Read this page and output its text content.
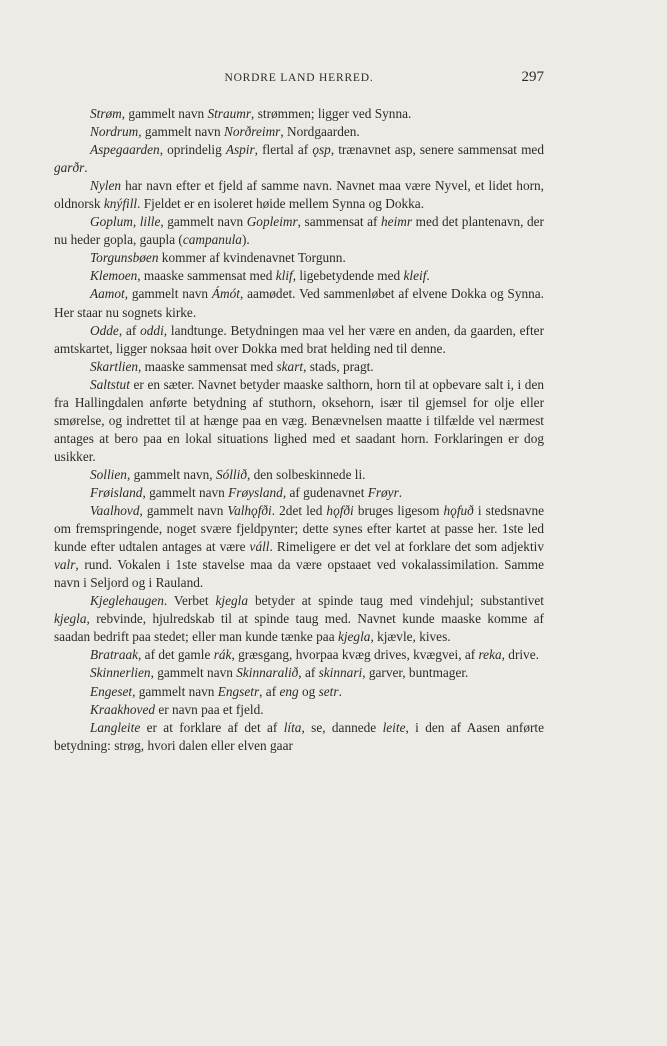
NORDRE LAND HERRED.	297

Strøm, gammelt navn Straumr, strømmen; ligger ved Synna.

Nordrum, gammelt navn Norðreimr, Nordgaarden.

Aspegaarden, oprindelig Aspir, flertal af ǫsp, trænavnet asp, senere sammensat med garðr.

Nylen har navn efter et fjeld af samme navn. Navnet maa være Nyvel, et lidet horn, oldnorsk knýfill. Fjeldet er en isoleret høide mellem Synna og Dokka.

Goplum, lille, gammelt navn Gopleimr, sammensat af heimr med det plantenavn, der nu heder gopla, gaupla (campanula).

Torgunsbøen kommer af kvindenavnet Torgunn.

Klemoen, maaske sammensat med klif, ligebetydende med kleif.

Aamot, gammelt navn Ámót, aamødet. Ved sammenløbet af elvene Dokka og Synna. Her staar nu sognets kirke.

Odde, af oddi, landtunge. Betydningen maa vel her være en anden, da gaarden, efter amtskartet, ligger noksaa høit over Dokka med brat helding ned til denne.

Skartlien, maaske sammensat med skart, stads, pragt.

Saltstut er en sæter. Navnet betyder maaske salthorn, horn til at opbevare salt i, i den fra Hallingdalen anførte betydning af stuthorn, oksehorn, især til gjemsel for olje eller smørelse, og indrettet til at hænge paa en væg. Benævnelsen maatte i tilfælde vel nærmest antages at bero paa en lokal situations lighed med et saadant horn. Forklaringen er dog usikker.

Sollien, gammelt navn, Sóllið, den solbeskinnede li.

Frøisland, gammelt navn Frøysland, af gudenavnet Frøyr.

Vaalhovd, gammelt navn Valhǫfði. 2det led hǫfði bruges ligesom hǫfuð i stedsnavne om fremspringende, noget svære fjeldpynter; dette synes efter kartet at passe her. 1ste led kunde efter udtalen antages at være váll. Rimeligere er det vel at forklare det som adjektiv valr, rund. Vokalen i 1ste stavelse maa da være opstaaet ved vokalassimilation. Samme navn i Seljord og i Rauland.

Kjeglehaugen. Verbet kjegla betyder at spinde taug med vindehjul; substantivet kjegla, rebvinde, hjulredskab til at spinde taug med. Navnet kunde maaske komme af saadan bedrift paa stedet; eller man kunde tænke paa kjegla, kjævle, kives.

Bratraak, af det gamle rák, græsgang, hvorpaa kvæg drives, kvægvei, af reka, drive.

Skinnerlien, gammelt navn Skinnaralið, af skinnari, garver, buntmager.

Engeset, gammelt navn Engsetr, af eng og setr.

Kraakhoved er navn paa et fjeld.

Langleite er at forklare af det af líta, se, dannede leite, i den af Aasen anførte betydning: strøg, hvori dalen eller elven gaar
